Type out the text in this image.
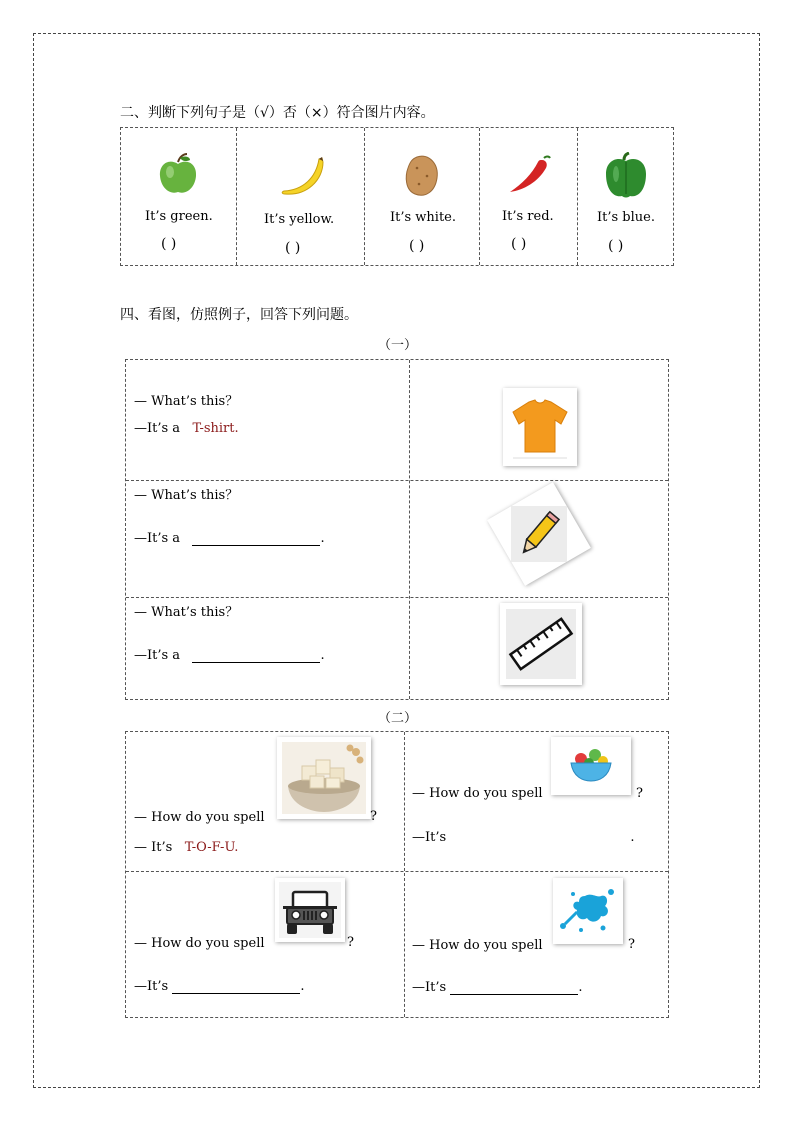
二、判断下列句子是（√）否（×）符合图片内容。
It’s green.
( )
It’s yellow.
( )
It’s white.
( )
It’s red.
( )
It’s blue.
( )
四、看图，仿照例子，回答下列问题。
（一）
— What’s this？
—It’s a T-shirt.
— What’s this？
—It’s a	.
— What’s this？
—It’s a	.
（二）
— How do you spell	?
— It’s T-O-F-U.
— How do you spell	?
—It’s	.
— How do you spell	?
—It’s	.
— How do you spell	?
—It’s	.
